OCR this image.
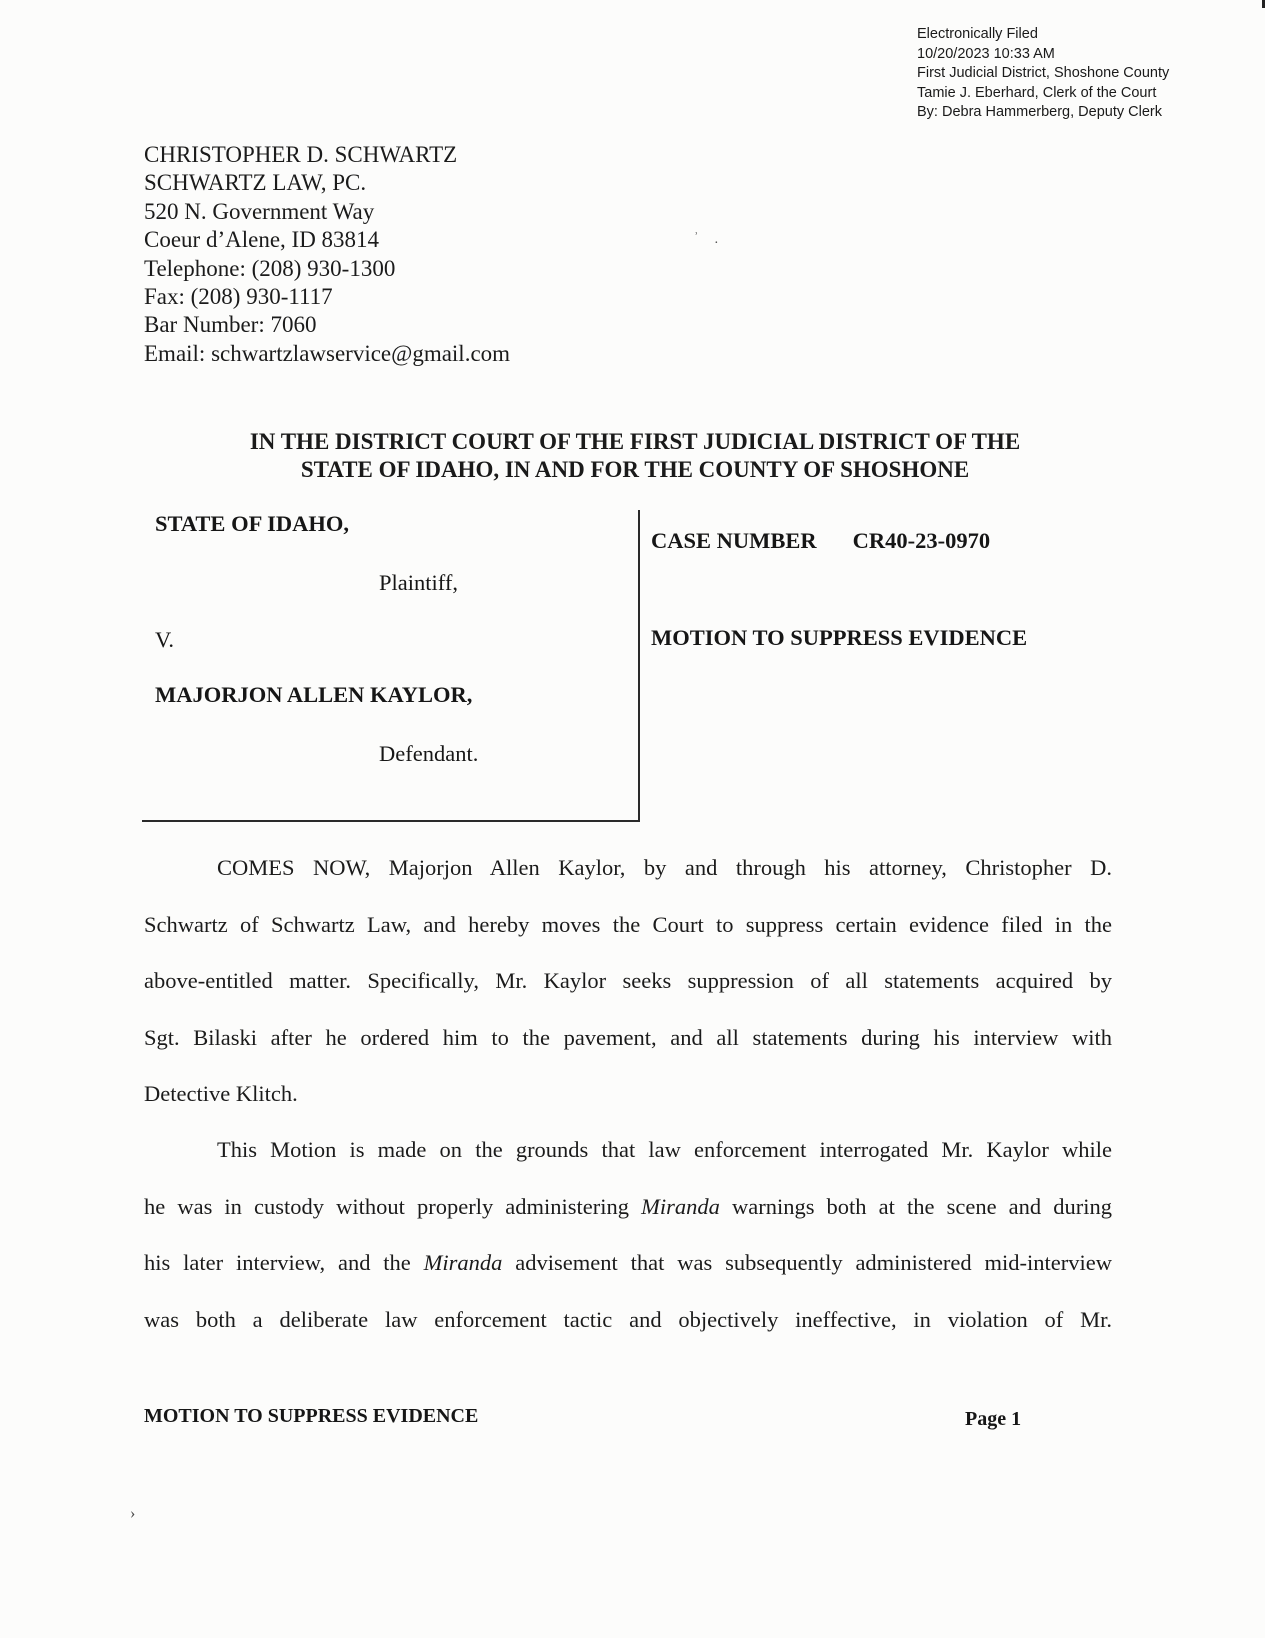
Electronically Filed
10/20/2023 10:33 AM
First Judicial District, Shoshone County
Tamie J. Eberhard, Clerk of the Court
By: Debra Hammerberg, Deputy Clerk
CHRISTOPHER D. SCHWARTZ
SCHWARTZ LAW, PC.
520 N. Government Way
Coeur d’Alene, ID 83814
Telephone: (208) 930-1300
Fax: (208) 930-1117
Bar Number: 7060
Email: schwartzlawservice@gmail.com
ʾ ·
IN THE DISTRICT COURT OF THE FIRST JUDICIAL DISTRICT OF THE
STATE OF IDAHO, IN AND FOR THE COUNTY OF SHOSHONE
STATE OF IDAHO,
Plaintiff,
V.
MAJORJON ALLEN KAYLOR,
Defendant.
CASE NUMBER CR40-23-0970
MOTION TO SUPPRESS EVIDENCE
COMES NOW, Majorjon Allen Kaylor, by and through his attorney, Christopher D.
Schwartz of Schwartz Law, and hereby moves the Court to suppress certain evidence filed in the
above-entitled matter. Specifically, Mr. Kaylor seeks suppression of all statements acquired by
Sgt. Bilaski after he ordered him to the pavement, and all statements during his interview with
Detective Klitch.
This Motion is made on the grounds that law enforcement interrogated Mr. Kaylor while
he was in custody without properly administering Miranda warnings both at the scene and during
his later interview, and the Miranda advisement that was subsequently administered mid-interview
was both a deliberate law enforcement tactic and objectively ineffective, in violation of Mr.
MOTION TO SUPPRESS EVIDENCE	Page 1
›
